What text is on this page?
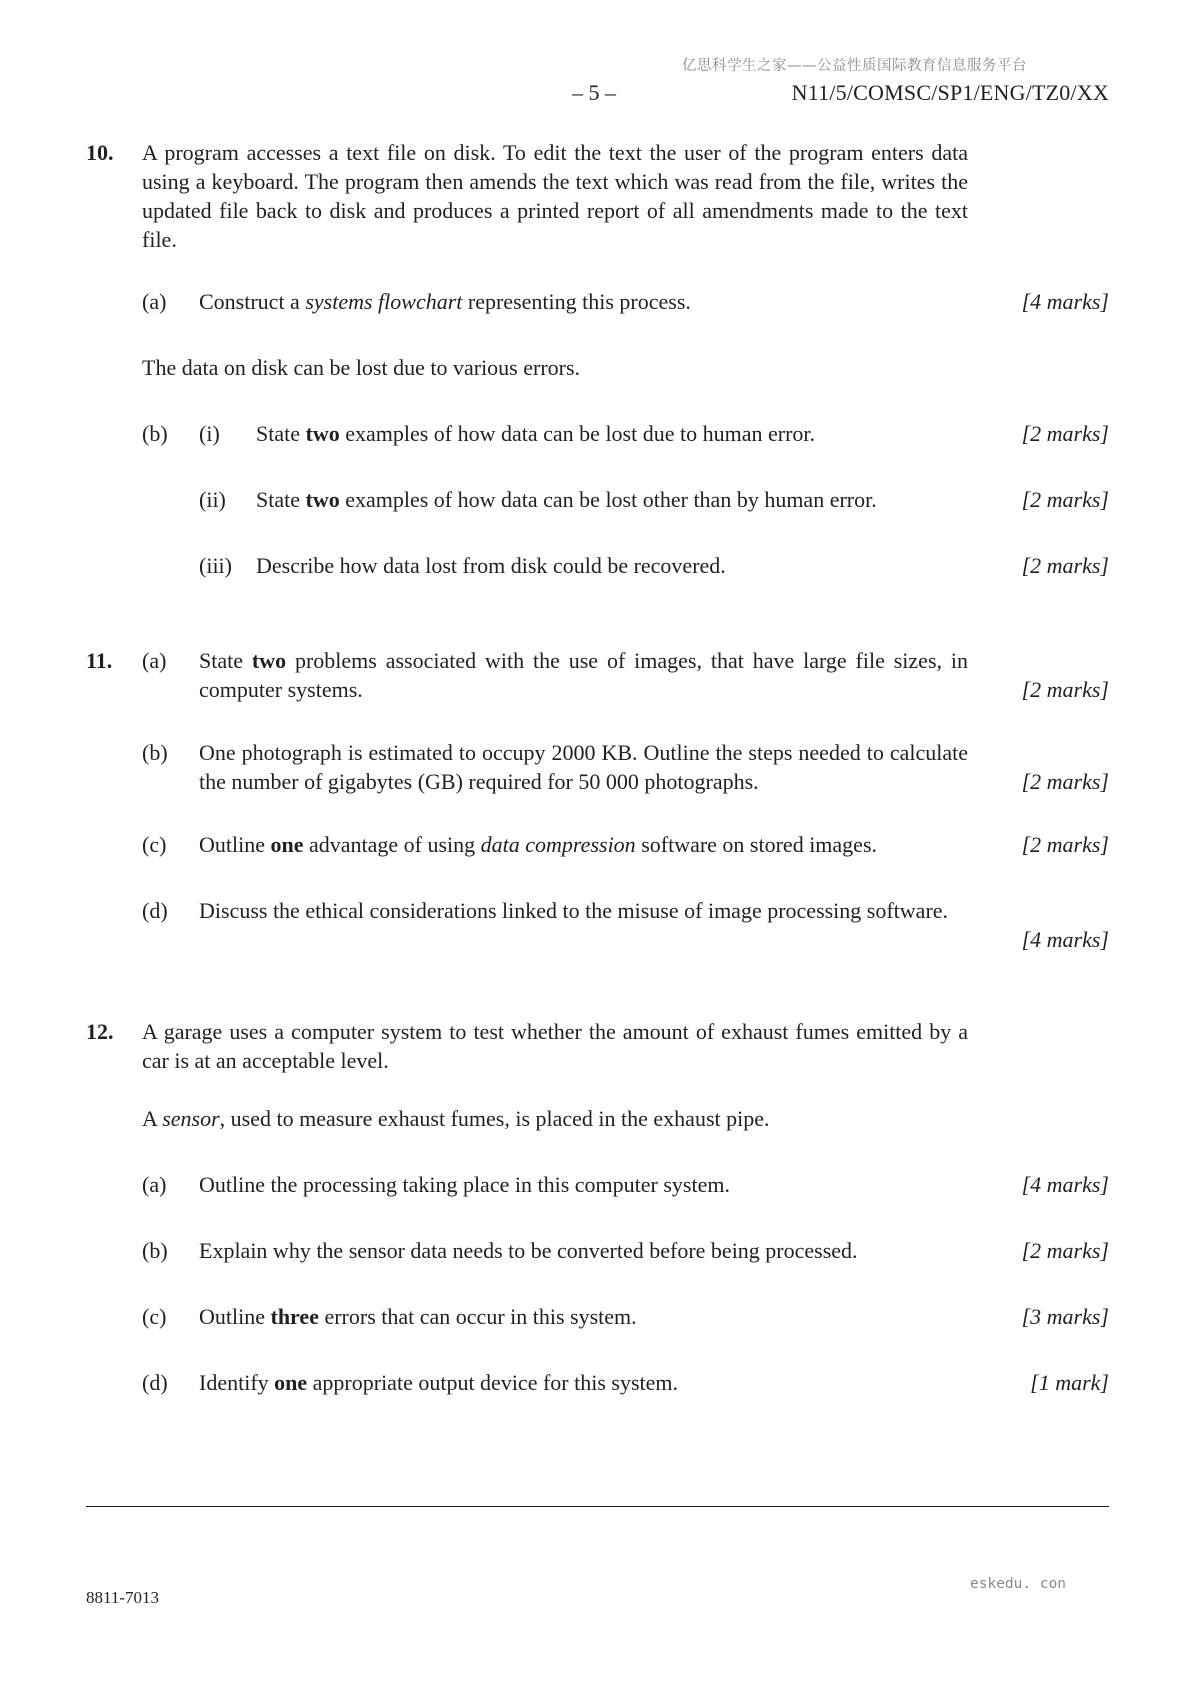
亿思科学生之家——公益性质国际教育信息服务平台
– 5 –	N11/5/COMSC/SP1/ENG/TZ0/XX
10. A program accesses a text file on disk. To edit the text the user of the program enters data using a keyboard. The program then amends the text which was read from the file, writes the updated file back to disk and produces a printed report of all amendments made to the text file.
(a) Construct a systems flowchart representing this process.	[4 marks]
The data on disk can be lost due to various errors.
(b) (i) State two examples of how data can be lost due to human error.	[2 marks]
(ii) State two examples of how data can be lost other than by human error.	[2 marks]
(iii) Describe how data lost from disk could be recovered.	[2 marks]
11. (a) State two problems associated with the use of images, that have large file sizes, in computer systems.	[2 marks]
(b) One photograph is estimated to occupy 2000 KB. Outline the steps needed to calculate the number of gigabytes (GB) required for 50 000 photographs.	[2 marks]
(c) Outline one advantage of using data compression software on stored images.	[2 marks]
(d) Discuss the ethical considerations linked to the misuse of image processing software.
[4 marks]
12. A garage uses a computer system to test whether the amount of exhaust fumes emitted by a car is at an acceptable level.
A sensor, used to measure exhaust fumes, is placed in the exhaust pipe.
(a) Outline the processing taking place in this computer system.	[4 marks]
(b) Explain why the sensor data needs to be converted before being processed.	[2 marks]
(c) Outline three errors that can occur in this system.	[3 marks]
(d) Identify one appropriate output device for this system.	[1 mark]
8811-7013
eskedu. con
